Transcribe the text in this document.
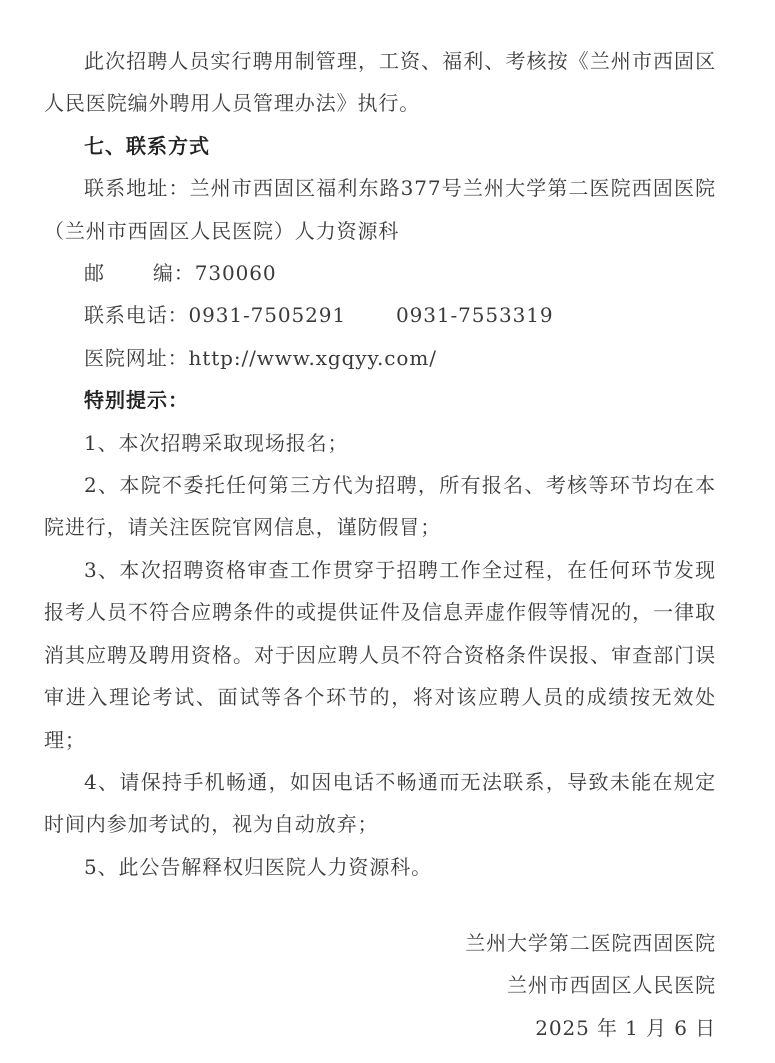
此次招聘人员实行聘用制管理，工资、福利、考核按《兰州市西固区人民医院编外聘用人员管理办法》执行。

七、联系方式

联系地址：兰州市西固区福利东路377号兰州大学第二医院西固医院（兰州市西固区人民医院）人力资源科

邮 编：730060

联系电话：0931-7505291	0931-7553319

医院网址：http://www.xgqyy.com/

特别提示：

1、本次招聘采取现场报名；

2、本院不委托任何第三方代为招聘，所有报名、考核等环节均在本院进行，请关注医院官网信息，谨防假冒；

3、本次招聘资格审查工作贯穿于招聘工作全过程，在任何环节发现报考人员不符合应聘条件的或提供证件及信息弄虚作假等情况的，一律取消其应聘及聘用资格。对于因应聘人员不符合资格条件误报、审查部门误审进入理论考试、面试等各个环节的，将对该应聘人员的成绩按无效处理；

4、请保持手机畅通，如因电话不畅通而无法联系，导致未能在规定时间内参加考试的，视为自动放弃；

5、此公告解释权归医院人力资源科。

兰州大学第二医院西固医院
兰州市西固区人民医院
2025 年 1 月 6 日
